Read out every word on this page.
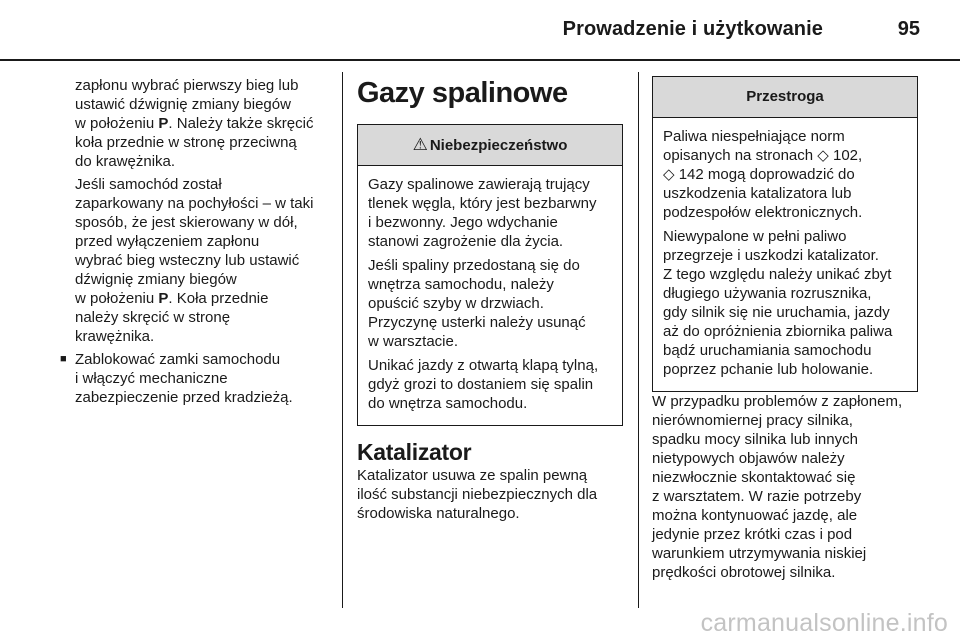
Prowadzenie i użytkowanie	95

zapłonu wybrać pierwszy bieg lub
ustawić dźwignię zmiany biegów
w położeniu P. Należy także skręcić
koła przednie w stronę przeciwną
do krawężnika.

Jeśli samochód został
zaparkowany na pochyłości – w taki
sposób, że jest skierowany w dół,
przed wyłączeniem zapłonu
wybrać bieg wsteczny lub ustawić
dźwignię zmiany biegów
w położeniu P. Koła przednie
należy skręcić w stronę
krawężnika.

■ Zablokować zamki samochodu
i włączyć mechaniczne
zabezpieczenie przed kradzieżą.
Gazy spalinowe
⚠ Niebezpieczeństwo

Gazy spalinowe zawierają trujący
tlenek węgla, który jest bezbarwny
i bezwonny. Jego wdychanie
stanowi zagrożenie dla życia.

Jeśli spaliny przedostaną się do
wnętrza samochodu, należy
opuścić szyby w drzwiach.
Przyczynę usterki należy usunąć
w warsztacie.

Unikać jazdy z otwartą klapą tylną,
gdyż grozi to dostaniem się spalin
do wnętrza samochodu.

Katalizator

Katalizator usuwa ze spalin pewną
ilość substancji niebezpiecznych dla
środowiska naturalnego.

Przestroga

Paliwa niespełniające norm
opisanych na stronach ◇ 102,
◇ 142 mogą doprowadzić do
uszkodzenia katalizatora lub
podzespołów elektronicznych.

Niewypalone w pełni paliwo
przegrzeje i uszkodzi katalizator.
Z tego względu należy unikać zbyt
długiego używania rozrusznika,
gdy silnik się nie uruchamia, jazdy
aż do opróżnienia zbiornika paliwa
bądź uruchamiania samochodu
poprzez pchanie lub holowanie.

W przypadku problemów z zapłonem,
nierównomiernej pracy silnika,
spadku mocy silnika lub innych
nietypowych objawów należy
niezwłocznie skontaktować się
z warsztatem. W razie potrzeby
można kontynuować jazdę, ale
jedynie przez krótki czas i pod
warunkiem utrzymywania niskiej
prędkości obrotowej silnika.

carmanualsonline.info
